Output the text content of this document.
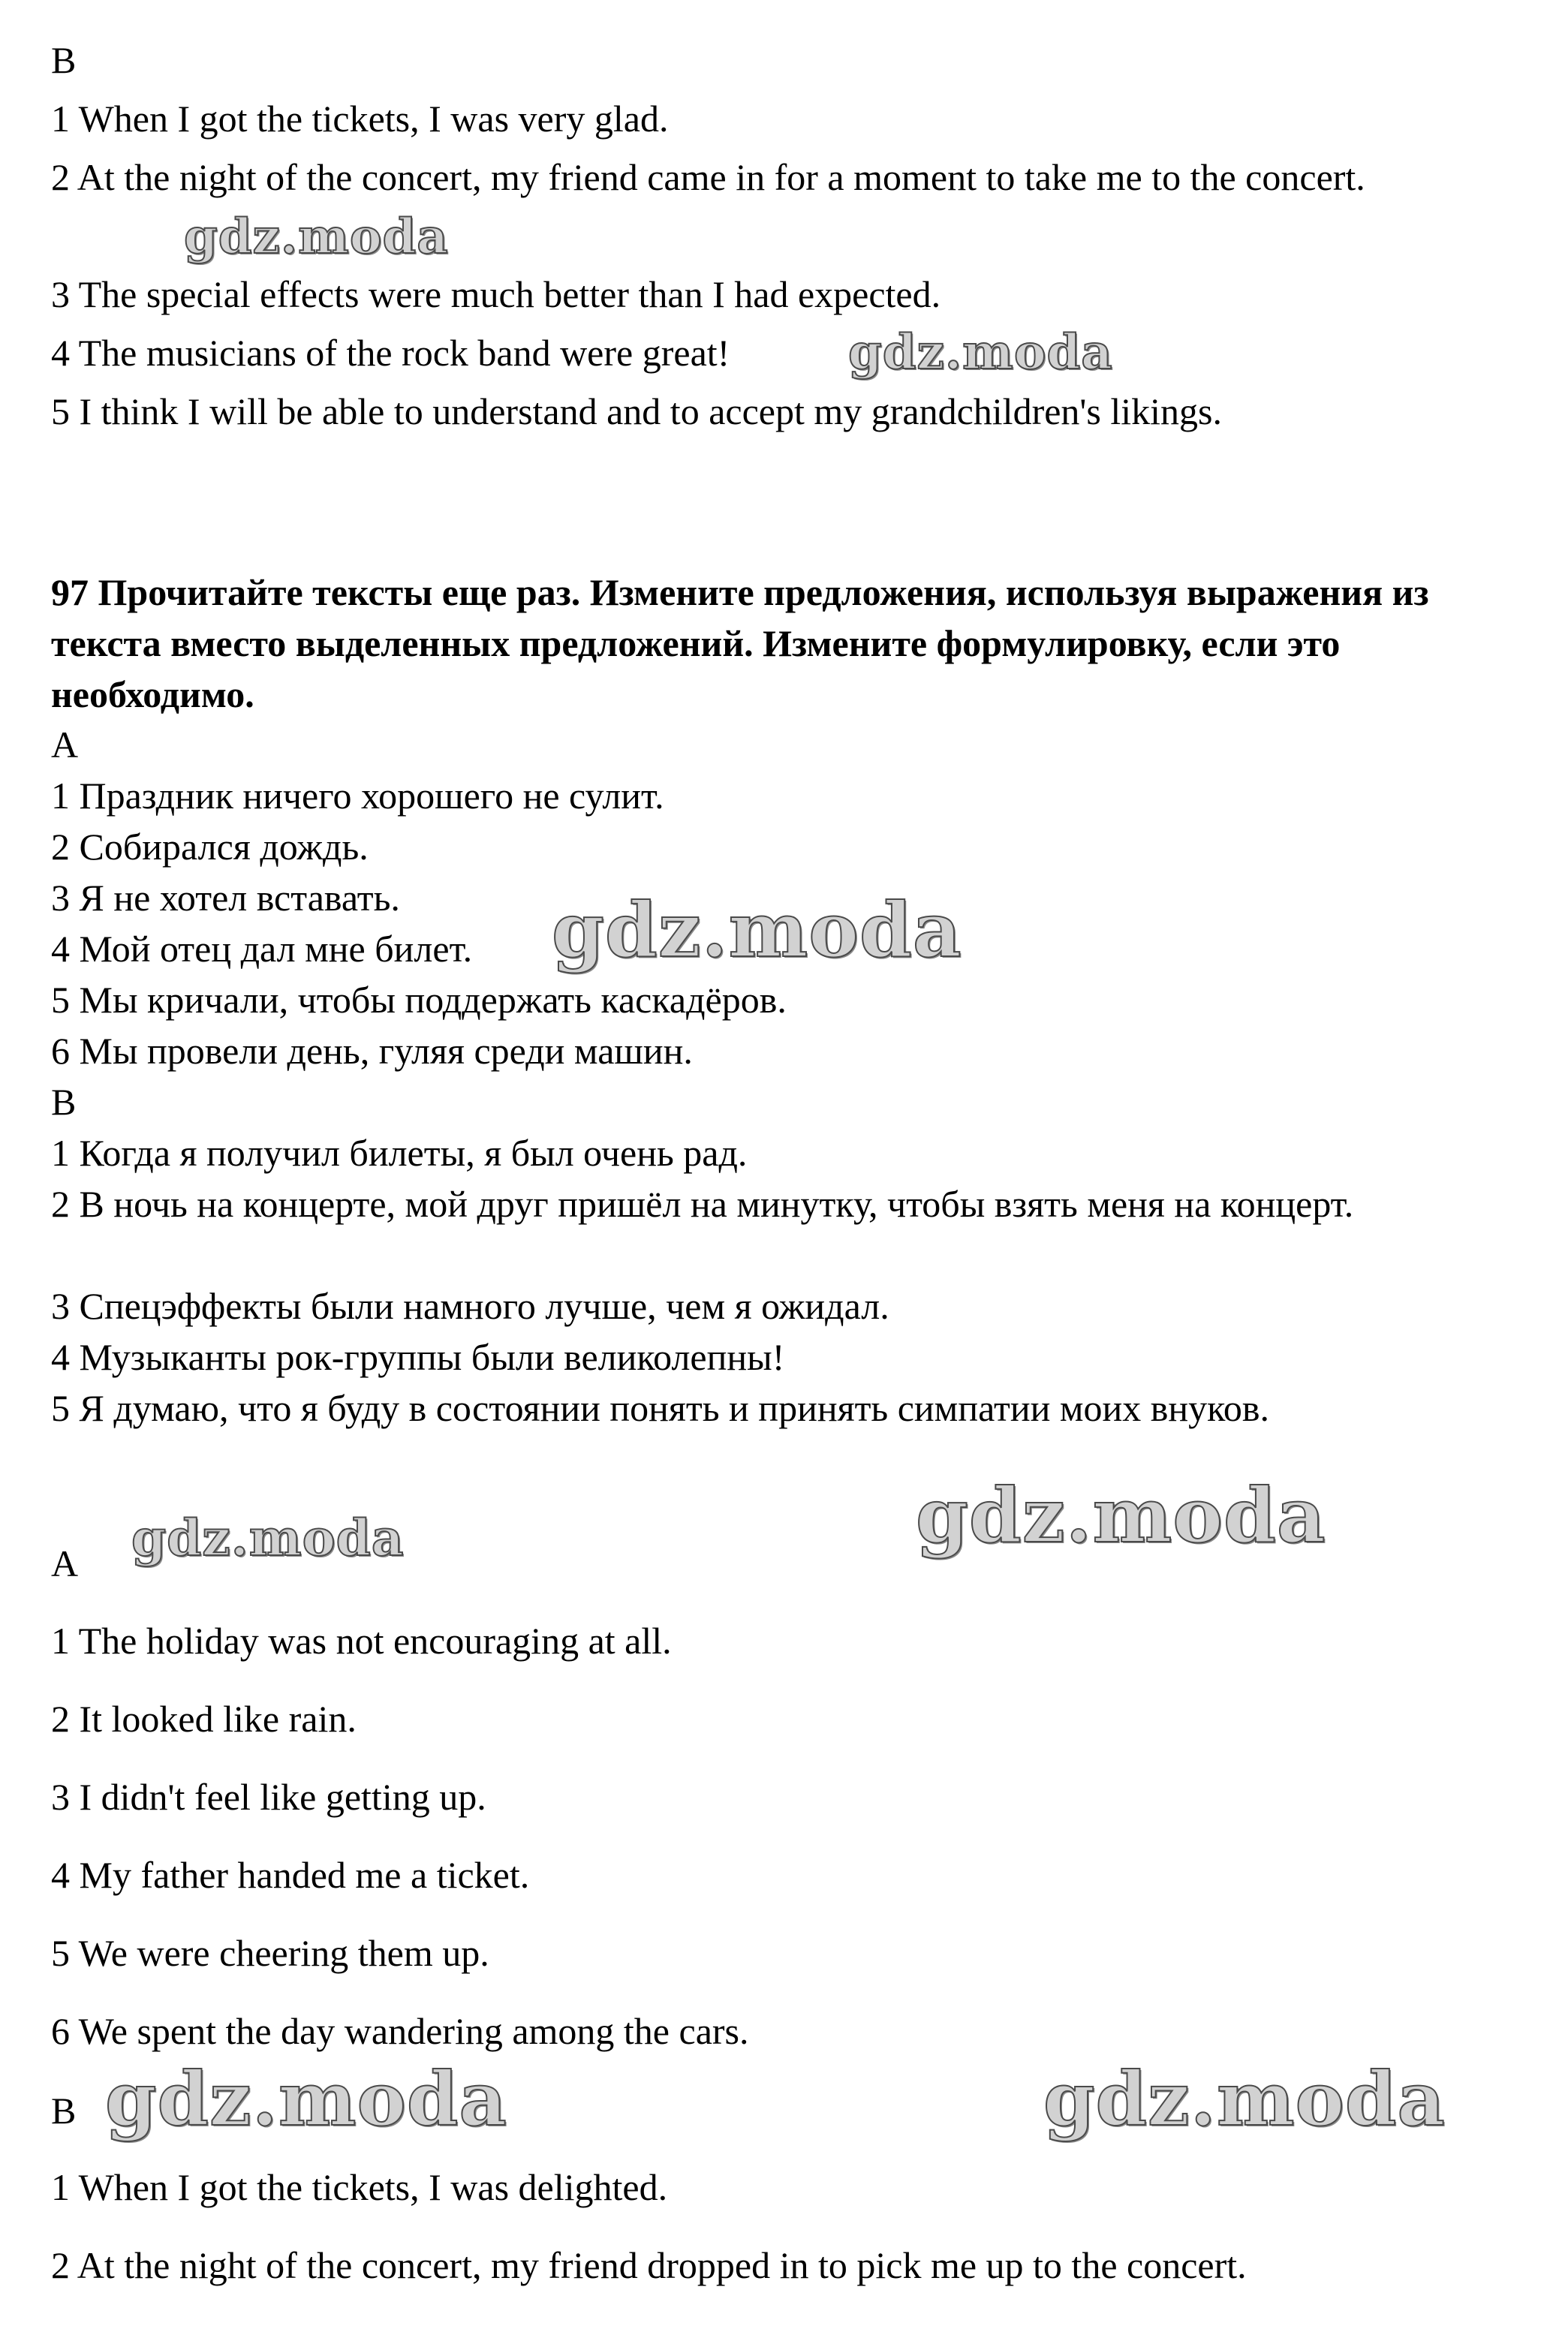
B
1 When I got the tickets, I was very glad.
2 At the night of the concert, my friend came in for a moment to take me to the concert.
3 The special effects were much better than I had expected.
4 The musicians of the rock band were great!
5 I think I will be able to understand and to accept my grandchildren's likings.
97 Прочитайте тексты еще раз. Измените предложения, используя выражения из текста вместо выделенных предложений. Измените формулировку, если это необходимо.
A
1 Праздник ничего хорошего не сулит.
2 Собирался дождь.
3 Я не хотел вставать.
4 Мой отец дал мне билет.
5 Мы кричали, чтобы поддержать каскадёров.
6 Мы провели день, гуляя среди машин.
B
1 Когда я получил билеты, я был очень рад.
2 В ночь на концерте, мой друг пришёл на минутку, чтобы взять меня на концерт.
3 Спецэффекты были намного лучше, чем я ожидал.
4 Музыканты рок-группы были великолепны!
5 Я думаю, что я буду в состоянии понять и принять симпатии моих внуков.
A
1 The holiday was not encouraging at all.
2 It looked like rain.
3 I didn't feel like getting up.
4 My father handed me a ticket.
5 We were cheering them up.
6 We spent the day wandering among the cars.
B
1 When I got the tickets, I was delighted.
2 At the night of the concert, my friend dropped in to pick me up to the concert.
gdz.moda
gdz.moda
gdz.moda
gdz.moda	gdz.moda
gdz.moda	gdz.moda
